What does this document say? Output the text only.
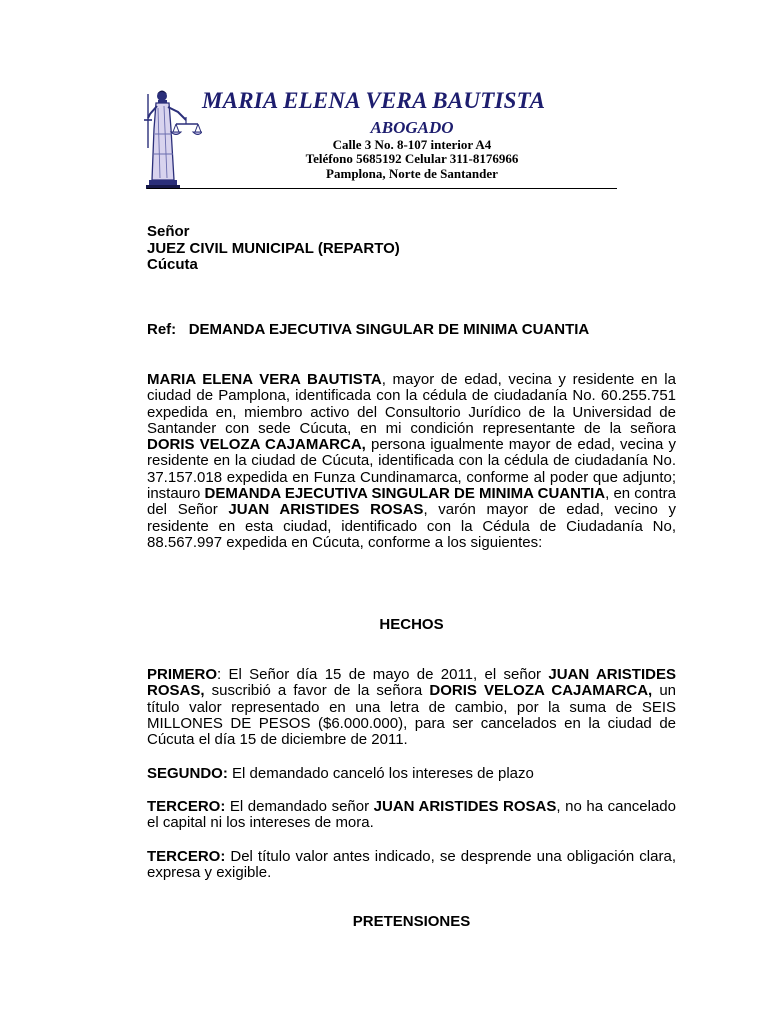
MARIA ELENA VERA BAUTISTA
ABOGADO
Calle 3 No. 8-107 interior A4
Teléfono 5685192 Celular 311-8176966
Pamplona, Norte de Santander
Señor
JUEZ CIVIL MUNICIPAL (REPARTO)
Cúcuta
Ref: DEMANDA EJECUTIVA SINGULAR DE MINIMA CUANTIA
MARIA ELENA VERA BAUTISTA, mayor de edad, vecina y residente en la ciudad de Pamplona, identificada con la cédula de ciudadanía No. 60.255.751 expedida en, miembro activo del Consultorio Jurídico de la Universidad de Santander con sede Cúcuta, en mi condición representante de la señora DORIS VELOZA CAJAMARCA, persona igualmente mayor de edad, vecina y residente en la ciudad de Cúcuta, identificada con la cédula de ciudadanía No. 37.157.018 expedida en Funza Cundinamarca, conforme al poder que adjunto; instauro DEMANDA EJECUTIVA SINGULAR DE MINIMA CUANTIA, en contra del Señor JUAN ARISTIDES ROSAS, varón mayor de edad, vecino y residente en esta ciudad, identificado con la Cédula de Ciudadanía No, 88.567.997 expedida en Cúcuta, conforme a los siguientes:
HECHOS
PRIMERO: El Señor día 15 de mayo de 2011, el señor JUAN ARISTIDES ROSAS, suscribió a favor de la señora DORIS VELOZA CAJAMARCA, un título valor representado en una letra de cambio, por la suma de SEIS MILLONES DE PESOS ($6.000.000), para ser cancelados en la ciudad de Cúcuta el día 15 de diciembre de 2011.
SEGUNDO: El demandado canceló los intereses de plazo
TERCERO: El demandado señor JUAN ARISTIDES ROSAS, no ha cancelado el capital ni los intereses de mora.
TERCERO: Del título valor antes indicado, se desprende una obligación clara, expresa y exigible.
PRETENSIONES
